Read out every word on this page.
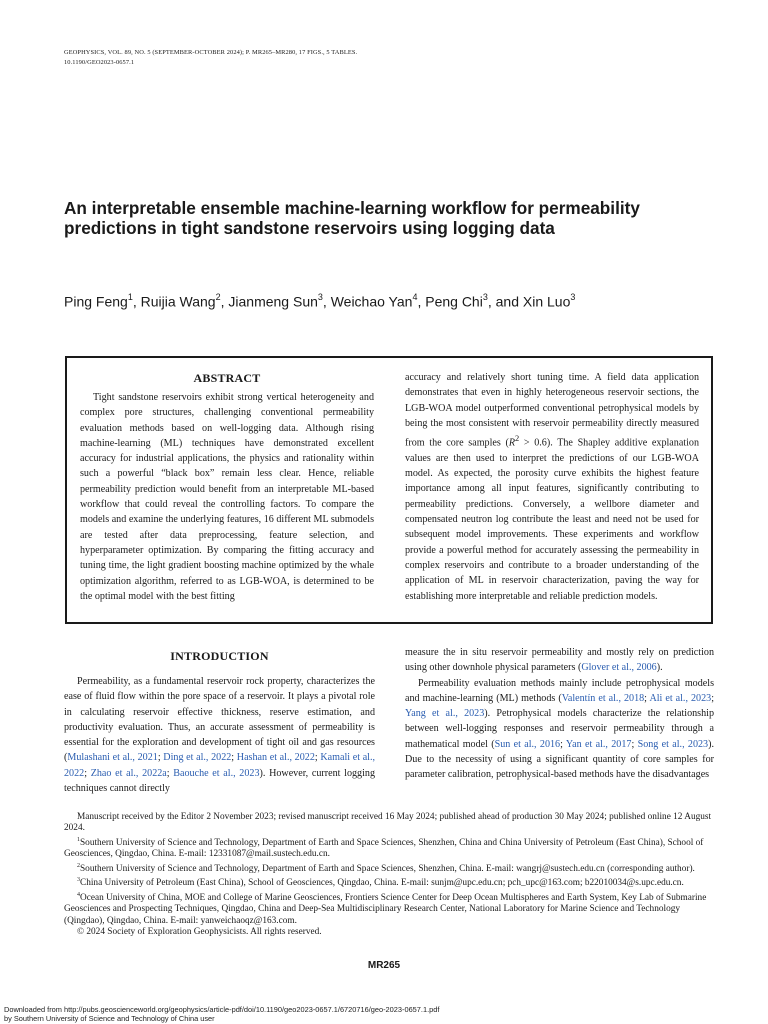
GEOPHYSICS, VOL. 89, NO. 5 (SEPTEMBER-OCTOBER 2024); P. MR265–MR280, 17 FIGS., 5 TABLES.
10.1190/GEO2023-0657.1
An interpretable ensemble machine-learning workflow for permeability predictions in tight sandstone reservoirs using logging data
Ping Feng$^1$, Ruijia Wang$^2$, Jianmeng Sun$^3$, Weichao Yan$^4$, Peng Chi$^3$, and Xin Luo$^3$

ABSTRACT

Tight sandstone reservoirs exhibit strong vertical heterogeneity and complex pore structures, challenging conventional permeability evaluation methods based on well-logging data. Although rising machine-learning (ML) techniques have demonstrated excellent accuracy for industrial applications, the physics and rationality within such a powerful “black box” remain less clear. Hence, reliable permeability prediction would benefit from an interpretable ML-based workflow that could reveal the controlling factors. To compare the models and examine the underlying features, 16 different ML submodels are tested after data preprocessing, feature selection, and hyperparameter optimization. By comparing the fitting accuracy and tuning time, the light gradient boosting machine optimized by the whale optimization algorithm, referred to as LGB-WOA, is determined to be the optimal model with the best fitting

accuracy and relatively short tuning time. A field data application demonstrates that even in highly heterogeneous reservoir sections, the LGB-WOA model outperformed conventional petrophysical models by being the most consistent with reservoir permeability directly measured from the core samples $(R^2 > 0.6)$. The Shapley additive explanation values are then used to interpret the predictions of our LGB-WOA model. As expected, the porosity curve exhibits the highest feature importance among all input features, significantly contributing to permeability predictions. Conversely, a wellbore diameter and compensated neutron log contribute the least and need not be used for subsequent model improvements. These experiments and workflow provide a powerful method for accurately assessing the permeability in complex reservoirs and contribute to a broader understanding of the application of ML in reservoir characterization, paving the way for establishing more interpretable and reliable prediction models.

INTRODUCTION

Permeability, as a fundamental reservoir rock property, characterizes the ease of fluid flow within the pore space of a reservoir. It plays a pivotal role in calculating reservoir effective thickness, reserve estimation, and productivity evaluation. Thus, an accurate assessment of permeability is essential for the exploration and development of tight oil and gas resources (Mulashani et al., 2021; Ding et al., 2022; Hashan et al., 2022; Kamali et al., 2022; Zhao et al., 2022a; Baouche et al., 2023). However, current logging techniques cannot directly

measure the in situ reservoir permeability and mostly rely on prediction using other downhole physical parameters (Glover et al., 2006).

Permeability evaluation methods mainly include petrophysical models and machine-learning (ML) methods (Valentín et al., 2018; Ali et al., 2023; Yang et al., 2023). Petrophysical models characterize the relationship between well-logging responses and reservoir permeability through a mathematical model (Sun et al., 2016; Yan et al., 2017; Song et al., 2023). Due to the necessity of using a significant quantity of core samples for parameter calibration, petrophysical-based methods have the disadvantages

Manuscript received by the Editor 2 November 2023; revised manuscript received 16 May 2024; published ahead of production 30 May 2024; published online 12 August 2024.

$^1$Southern University of Science and Technology, Department of Earth and Space Sciences, Shenzhen, China and China University of Petroleum (East China), School of Geosciences, Qingdao, China. E-mail: 12331087@mail.sustech.edu.cn.

$^2$Southern University of Science and Technology, Department of Earth and Space Sciences, Shenzhen, China. E-mail: wangrj@sustech.edu.cn (corresponding author).

$^3$China University of Petroleum (East China), School of Geosciences, Qingdao, China. E-mail: sunjm@upc.edu.cn; pch_upc@163.com; b22010034@s.upc.edu.cn.

$^4$Ocean University of China, MOE and College of Marine Geosciences, Frontiers Science Center for Deep Ocean Multispheres and Earth System, Key Lab of Submarine Geosciences and Prospecting Techniques, Qingdao, China and Deep-Sea Multidisciplinary Research Center, National Laboratory for Marine Science and Technology (Qingdao), Qingdao, China. E-mail: yanweichaoqz@163.com.

© 2024 Society of Exploration Geophysicists. All rights reserved.

MR265
Downloaded from http://pubs.geoscienceworld.org/geophysics/article-pdf/doi/10.1190/geo2023-0657.1/6720716/geo-2023-0657.1.pdf
by Southern University of Science and Technology of China user
